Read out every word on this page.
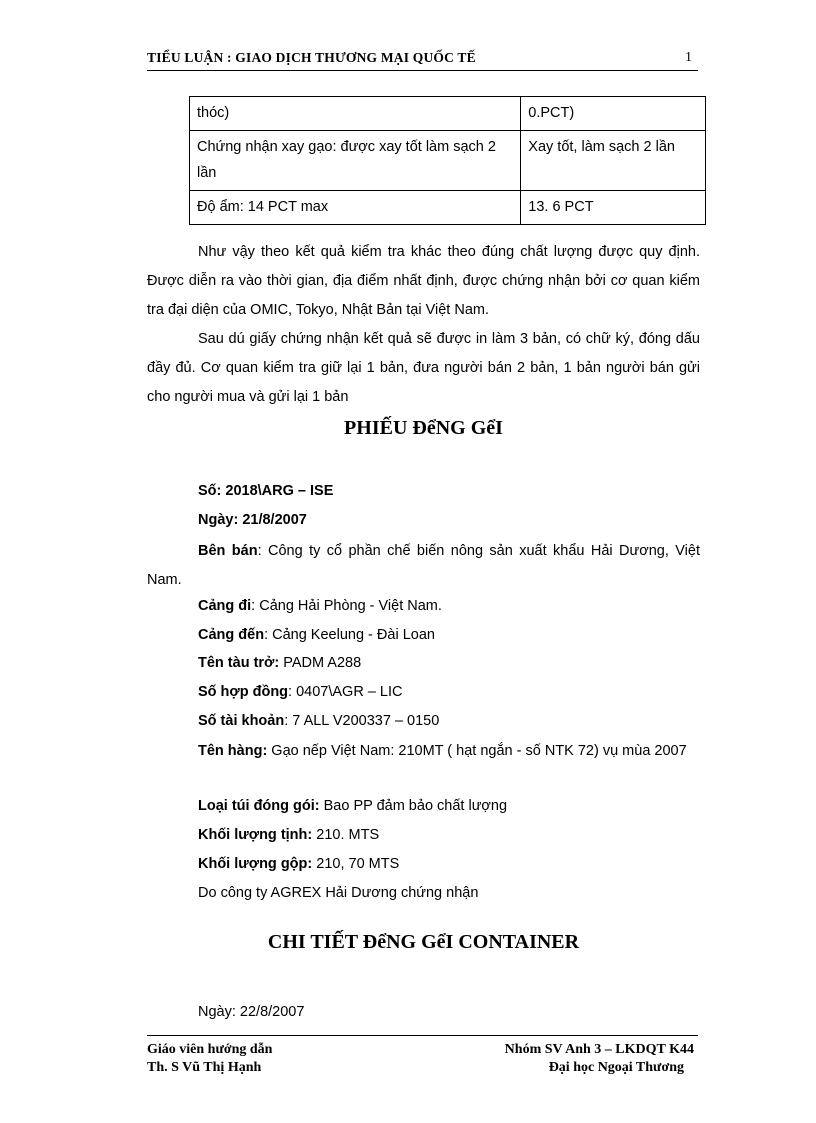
TIỂU LUẬN : GIAO DỊCH THƯƠNG MẠI QUỐC TẾ	1
thóc)	0.PCT)
Chứng nhận xay gạo: được xay tốt làm sạch 2 lần	Xay tốt, làm sạch 2 lần
Độ ẩm: 14 PCT max	13. 6 PCT
Như vậy theo kết quả kiểm tra khác theo đúng chất lượng được quy định. Được diễn ra vào thời gian, địa điểm nhất định, được chứng nhận bởi cơ quan kiểm tra đại diện của OMIC, Tokyo, Nhật Bản tại Việt Nam.
Sau dú giấy chứng nhận kết quả sẽ được in làm 3 bản, có chữ ký, đóng dấu đầy đủ. Cơ quan kiểm tra giữ lại 1 bản, đưa người bán 2 bản, 1 bản người bán gửi cho người mua và gửi lại 1 bản
PHIẾU ĐểNG GểI
Số: 2018\ARG – ISE
Ngày: 21/8/2007
Bên bán: Công ty cổ phần chế biến nông sản xuất khẩu Hải Dương, Việt Nam.
Cảng đi: Cảng Hải Phòng - Việt Nam.
Cảng đến: Cảng Keelung - Đài Loan
Tên tàu trở: PADM A288
Số hợp đồng: 0407\AGR – LIC
Số tài khoản: 7 ALL V200337 – 0150
Tên hàng: Gạo nếp Việt Nam: 210MT ( hạt ngắn - số NTK 72) vụ mùa 2007
Loại túi đóng gói: Bao PP đảm bảo chất lượng
Khối lượng tịnh: 210. MTS
Khối lượng gộp: 210, 70 MTS
Do công ty AGREX Hải Dương chứng nhận
CHI TIẾT ĐểNG GểI CONTAINER
Ngày: 22/8/2007
Giáo viên hướng dẫn	Nhóm SV Anh 3 – LKDQT K44
Th. S Vũ Thị Hạnh	Đại học Ngoại Thương
